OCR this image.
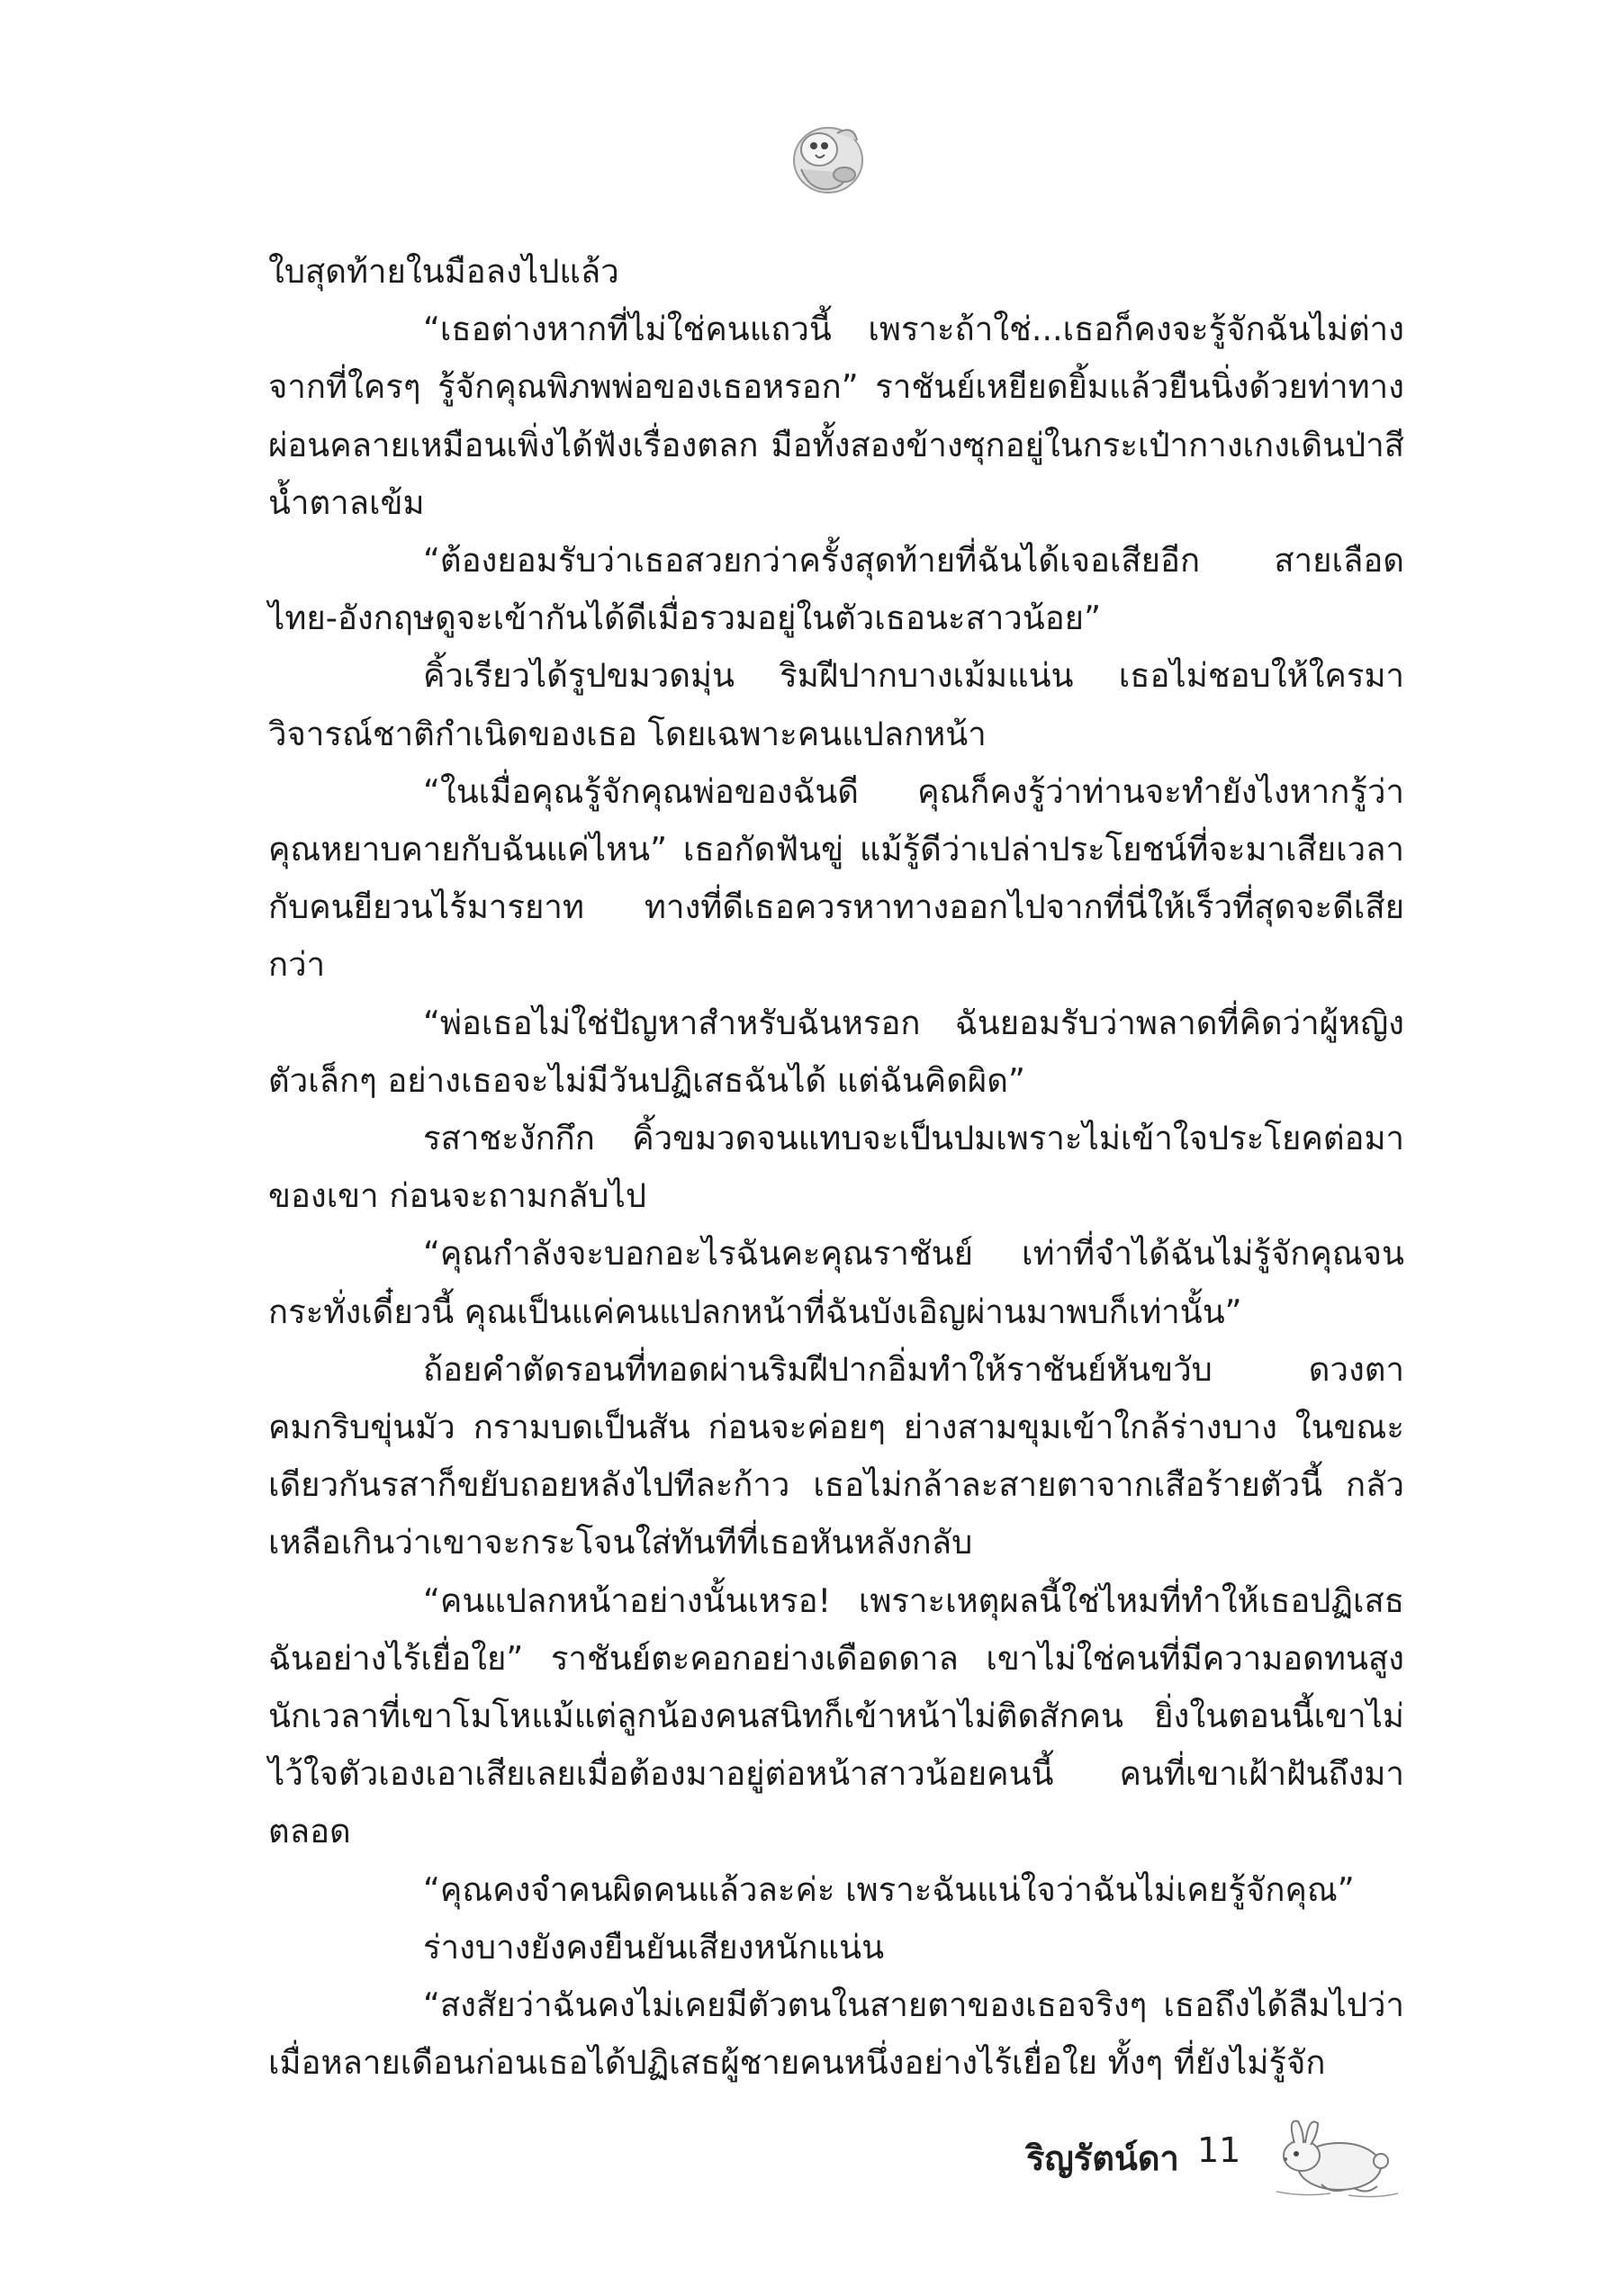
ใบสุดท้ายในมือลงไปแล้ว

“เธอต่างหากที่ไม่ใช่คนแถวนี้ เพราะถ้าใช่...เธอก็คงจะรู้จักฉันไม่ต่างจากที่ใครๆ รู้จักคุณพิภพพ่อของเธอหรอก” ราชันย์เหยียดยิ้มแล้วยืนนิ่งด้วยท่าทางผ่อนคลายเหมือนเพิ่งได้ฟังเรื่องตลก มือทั้งสองข้างซุกอยู่ในกระเป๋ากางเกงเดินป่าสีน้ำตาลเข้ม

“ต้องยอมรับว่าเธอสวยกว่าครั้งสุดท้ายที่ฉันได้เจอเสียอีก สายเลือดไทย-อังกฤษดูจะเข้ากันได้ดีเมื่อรวมอยู่ในตัวเธอนะสาวน้อย”

คิ้วเรียวได้รูปขมวดมุ่น ริมฝีปากบางเม้มแน่น เธอไม่ชอบให้ใครมาวิจารณ์ชาติกำเนิดของเธอ โดยเฉพาะคนแปลกหน้า

“ในเมื่อคุณรู้จักคุณพ่อของฉันดี คุณก็คงรู้ว่าท่านจะทำยังไงหากรู้ว่าคุณหยาบคายกับฉันแค่ไหน” เธอกัดฟันขู่ แม้รู้ดีว่าเปล่าประโยชน์ที่จะมาเสียเวลากับคนยียวนไร้มารยาท ทางที่ดีเธอควรหาทางออกไปจากที่นี่ให้เร็วที่สุดจะดีเสียกว่า

“พ่อเธอไม่ใช่ปัญหาสำหรับฉันหรอก ฉันยอมรับว่าพลาดที่คิดว่าผู้หญิงตัวเล็กๆ อย่างเธอจะไม่มีวันปฏิเสธฉันได้ แต่ฉันคิดผิด”

รสาชะงักกึก คิ้วขมวดจนแทบจะเป็นปมเพราะไม่เข้าใจประโยคต่อมาของเขา ก่อนจะถามกลับไป

“คุณกำลังจะบอกอะไรฉันคะคุณราชันย์ เท่าที่จำได้ฉันไม่รู้จักคุณจนกระทั่งเดี๋ยวนี้ คุณเป็นแค่คนแปลกหน้าที่ฉันบังเอิญผ่านมาพบก็เท่านั้น”

ถ้อยคำตัดรอนที่ทอดผ่านริมฝีปากอิ่มทำให้ราชันย์หันขวับ ดวงตาคมกริบขุ่นมัว กรามบดเป็นสัน ก่อนจะค่อยๆ ย่างสามขุมเข้าใกล้ร่างบาง ในขณะเดียวกันรสาก็ขยับถอยหลังไปทีละก้าว เธอไม่กล้าละสายตาจากเสือร้ายตัวนี้ กลัวเหลือเกินว่าเขาจะกระโจนใส่ทันทีที่เธอหันหลังกลับ

“คนแปลกหน้าอย่างนั้นเหรอ! เพราะเหตุผลนี้ใช่ไหมที่ทำให้เธอปฏิเสธฉันอย่างไร้เยื่อใย” ราชันย์ตะคอกอย่างเดือดดาล เขาไม่ใช่คนที่มีความอดทนสูงนักเวลาที่เขาโมโหแม้แต่ลูกน้องคนสนิทก็เข้าหน้าไม่ติดสักคน ยิ่งในตอนนี้เขาไม่ไว้ใจตัวเองเอาเสียเลยเมื่อต้องมาอยู่ต่อหน้าสาวน้อยคนนี้ คนที่เขาเฝ้าฝันถึงมาตลอด

“คุณคงจำคนผิดคนแล้วละค่ะ เพราะฉันแน่ใจว่าฉันไม่เคยรู้จักคุณ”

ร่างบางยังคงยืนยันเสียงหนักแน่น

“สงสัยว่าฉันคงไม่เคยมีตัวตนในสายตาของเธอจริงๆ เธอถึงได้ลืมไปว่าเมื่อหลายเดือนก่อนเธอได้ปฏิเสธผู้ชายคนหนึ่งอย่างไร้เยื่อใย ทั้งๆ ที่ยังไม่รู้จัก

ริญรัตน์ดา 11
